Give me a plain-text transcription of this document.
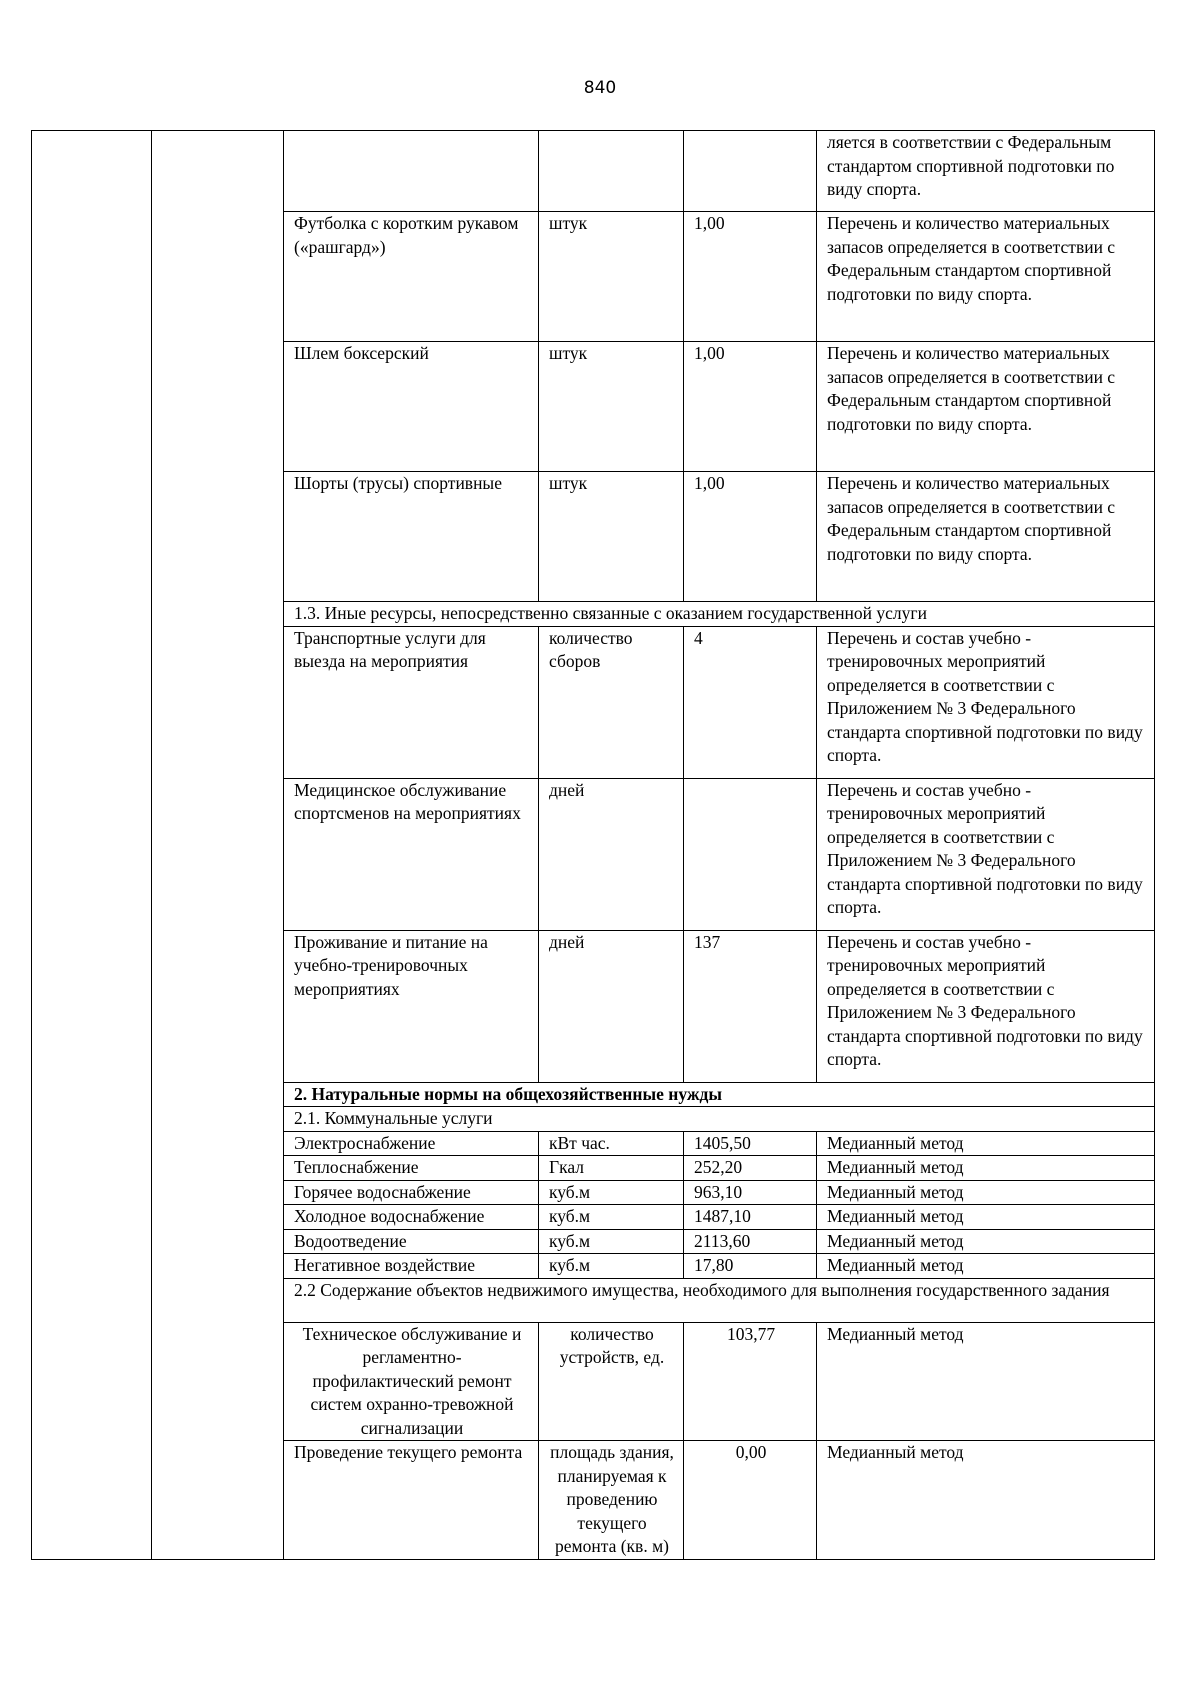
840
					ляется в соответствии с Федеральным стандартом спортивной подготовки по виду спорта.
		Футболка с коротким рукавом («рашгард»)	штук	1,00	Перечень и количество материальных запасов определяется в соответствии с Федеральным стандартом спортивной подготовки по виду спорта.
		Шлем боксерский	штук	1,00	Перечень и количество материальных запасов определяется в соответствии с Федеральным стандартом спортивной подготовки по виду спорта.
		Шорты (трусы) спортивные	штук	1,00	Перечень и количество материальных запасов определяется в соответствии с Федеральным стандартом спортивной подготовки по виду спорта.
		1.3. Иные ресурсы, непосредственно связанные с оказанием государственной услуги			
		Транспортные услуги для выезда на мероприятия	количество сборов	4	Перечень и состав учебно - тренировочных мероприятий определяется в соответствии с Приложением № 3 Федерального стандарта спортивной подготовки по виду спорта.
		Медицинское обслуживание спортсменов на мероприятиях	дней		Перечень и состав учебно - тренировочных мероприятий определяется в соответствии с Приложением № 3 Федерального стандарта спортивной подготовки по виду спорта.
		Проживание и питание на учебно-тренировочных мероприятиях	дней	137	Перечень и состав учебно - тренировочных мероприятий определяется в соответствии с Приложением № 3 Федерального стандарта спортивной подготовки по виду спорта.
		2. Натуральные нормы на общехозяйственные нужды			
		2.1. Коммунальные услуги			
		Электроснабжение	кВт час.	1405,50	Медианный метод
		Теплоснабжение	Гкал	252,20	Медианный метод
		Горячее водоснабжение	куб.м	963,10	Медианный метод
		Холодное водоснабжение	куб.м	1487,10	Медианный метод
		Водоотведение	куб.м	2113,60	Медианный метод
		Негативное воздействие	куб.м	17,80	Медианный метод
		2.2 Содержание объектов недвижимого имущества, необходимого для выполнения государственного задания			
		Техническое обслуживание и регламентно-профилактический ремонт систем охранно-тревожной сигнализации	количество устройств, ед.	103,77	Медианный метод
		Проведение текущего ремонта	площадь здания, планируемая к проведению текущего ремонта (кв. м)	0,00	Медианный метод
